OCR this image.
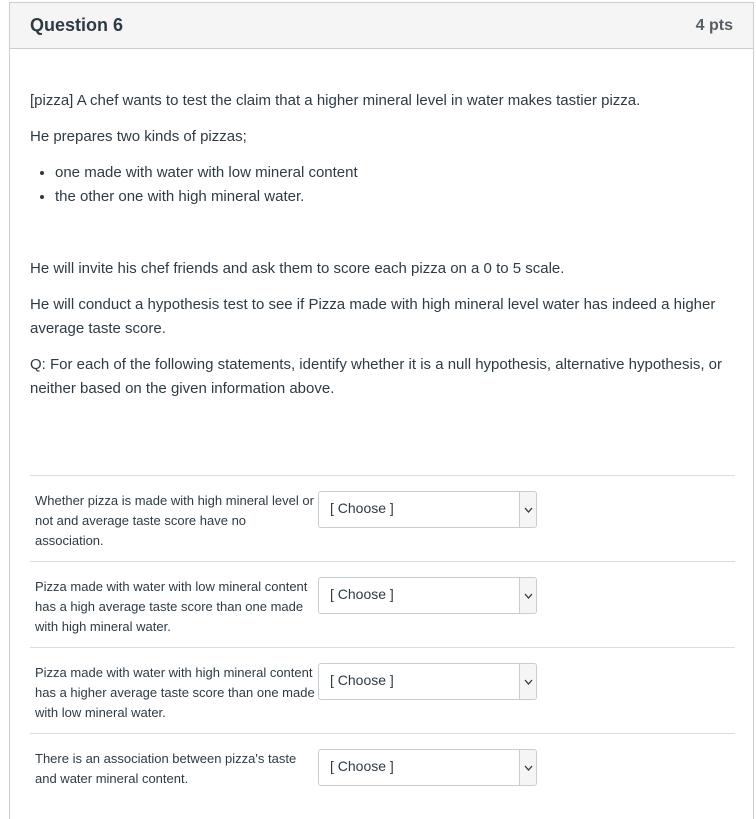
Question 6	4 pts

[pizza] A chef wants to test the claim that a higher mineral level in water makes tastier pizza.

He prepares two kinds of pizzas;

• one made with water with low mineral content
• the other one with high mineral water.

He will invite his chef friends and ask them to score each pizza on a 0 to 5 scale.

He will conduct a hypothesis test to see if Pizza made with high mineral level water has indeed a higher average taste score.

Q: For each of the following statements, identify whether it is a null hypothesis, alternative hypothesis, or neither based on the given information above.

Whether pizza is made with high mineral level or not and average taste score have no association.
[ Choose ]
Pizza made with water with low mineral content has a high average taste score than one made with high mineral water.
[ Choose ]
Pizza made with water with high mineral content has a higher average taste score than one made with low mineral water.
[ Choose ]
There is an association between pizza's taste and water mineral content.
[ Choose ]
